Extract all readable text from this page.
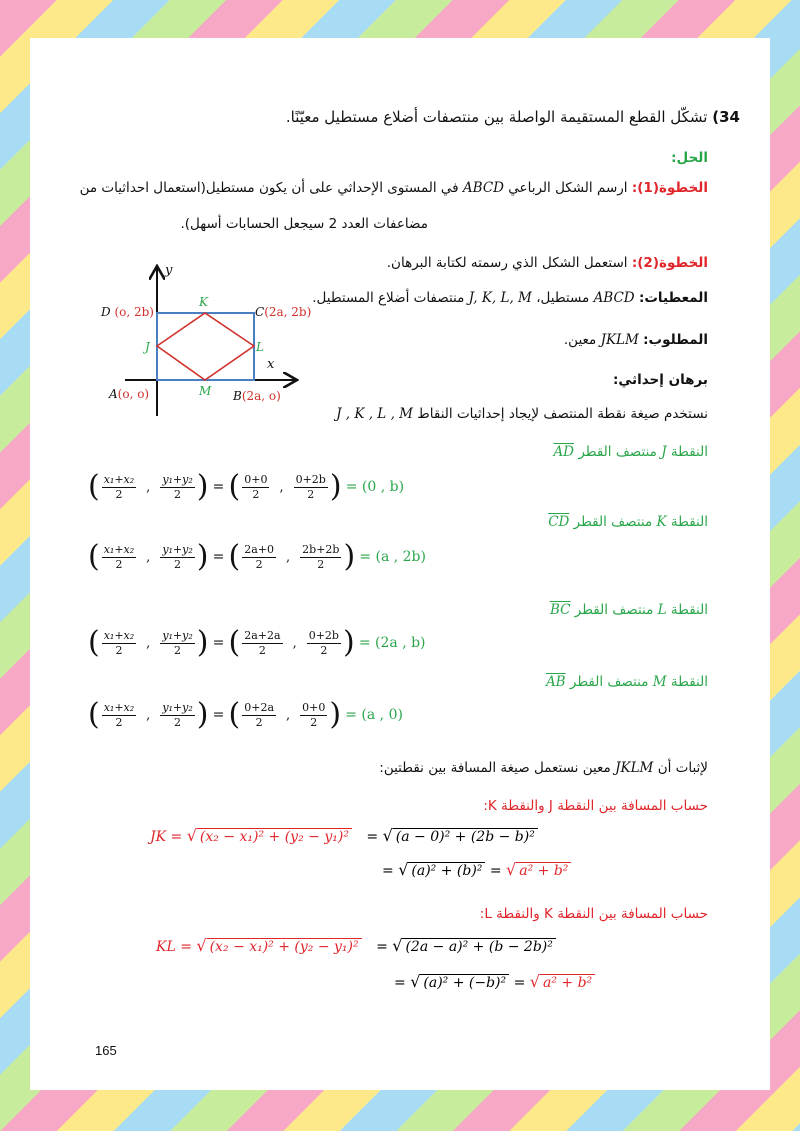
34) تشكّل القطع المستقيمة الواصلة بين منتصفات أضلاع مستطيل معيّنًا.
الحل:
الخطوة(1): ارسم الشكل الرباعي ABCD في المستوى الإحداثي على أن يكون مستطيل(استعمال احداثيات من
مضاعفات العدد 2 سيجعل الحسابات أسهل).
الخطوة(2): استعمل الشكل الذي رسمته لكتابة البرهان.
المعطيات: ABCD مستطيل، J, K, L, M منتصفات أضلاع المستطيل.
المطلوب: JKLM معين.
برهان إحداثي:
نستخدم صيغة نقطة المنتصف لإيجاد إحداثيات النقاط J , K , L , M
y
x
D (o, 2b)	C(2a, 2b)
A(o, o)	B(2a, o)
K
J	L
M
النقطة J منتصف القطر AD
( $\frac{\text{x₁+x₂}}{2}$ , $\frac{\text{y₁+y₂}}{2}$ ) = ( $\frac{0+0}{2}$ , $\frac{0+2b}{2}$ ) = (0 , b)
النقطة K منتصف القطر CD
( $\frac{\text{x₁+x₂}}{2}$ , $\frac{\text{y₁+y₂}}{2}$ ) = ( $\frac{2a+0}{2}$ , $\frac{2b+2b}{2}$ ) = (a , 2b)
النقطة L منتصف القطر BC
( $\frac{\text{x₁+x₂}}{2}$ , $\frac{\text{y₁+y₂}}{2}$ ) = ( $\frac{2a+2a}{2}$ , $\frac{0+2b}{2}$ ) = (2a , b)
النقطة M منتصف القطر AB
( $\frac{\text{x₁+x₂}}{2}$ , $\frac{\text{y₁+y₂}}{2}$ ) = ( $\frac{0+2a}{2}$ , $\frac{0+0}{2}$ ) = (a , 0)
لإثبات أن JKLM معين نستعمل صيغة المسافة بين نقطتين:
حساب المسافة بين النقطة J والنقطة K:
JK = √ (x₂ − x₁)² + (y₂ − y₁)² = √ (a − 0)² + (2b − b)²
= √ (a)² + (b)² = √ a² + b²
حساب المسافة بين النقطة K والنقطة L:
KL = √ (x₂ − x₁)² + (y₂ − y₁)² = √ (2a − a)² + (b − 2b)²
= √ (a)² + (−b)² = √ a² + b²
165
